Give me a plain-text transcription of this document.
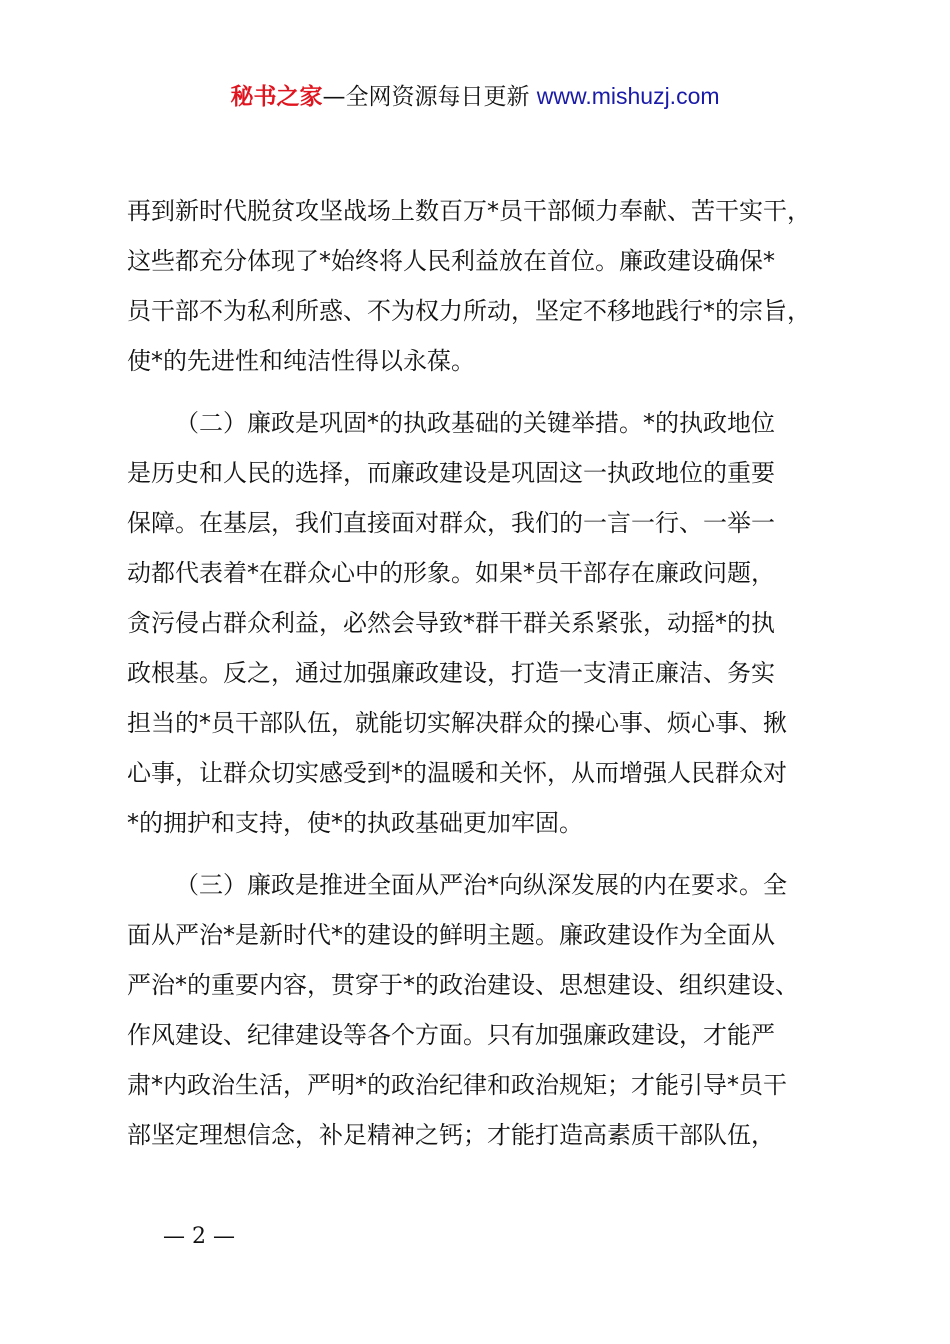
秘书之家—全网资源每日更新 www.mishuzj.com
再到新时代脱贫攻坚战场上数百万*员干部倾力奉献、苦干实干，
这些都充分体现了*始终将人民利益放在首位。廉政建设确保*
员干部不为私利所惑、不为权力所动，坚定不移地践行*的宗旨，
使*的先进性和纯洁性得以永葆。
（二）廉政是巩固*的执政基础的关键举措。*的执政地位
是历史和人民的选择，而廉政建设是巩固这一执政地位的重要
保障。在基层，我们直接面对群众，我们的一言一行、一举一
动都代表着*在群众心中的形象。如果*员干部存在廉政问题，
贪污侵占群众利益，必然会导致*群干群关系紧张，动摇*的执
政根基。反之，通过加强廉政建设，打造一支清正廉洁、务实
担当的*员干部队伍，就能切实解决群众的操心事、烦心事、揪
心事，让群众切实感受到*的温暖和关怀，从而增强人民群众对
*的拥护和支持，使*的执政基础更加牢固。
（三）廉政是推进全面从严治*向纵深发展的内在要求。全
面从严治*是新时代*的建设的鲜明主题。廉政建设作为全面从
严治*的重要内容，贯穿于*的政治建设、思想建设、组织建设、
作风建设、纪律建设等各个方面。只有加强廉政建设，才能严
肃*内政治生活，严明*的政治纪律和政治规矩；才能引导*员干
部坚定理想信念，补足精神之钙；才能打造高素质干部队伍，
— 2 —
